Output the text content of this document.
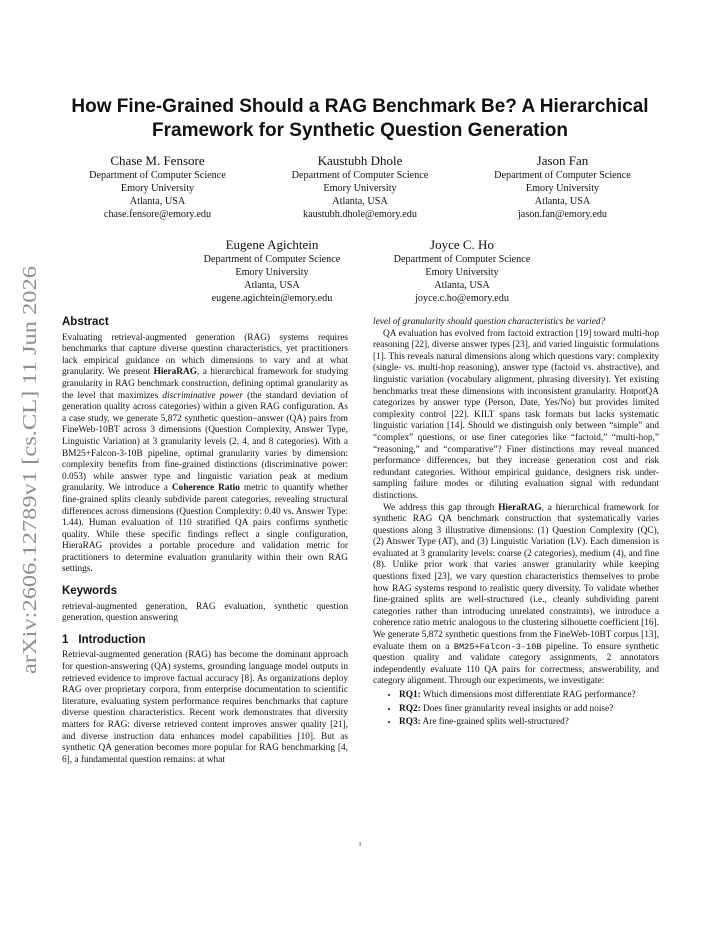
arXiv:2606.12789v1 [cs.CL] 11 Jun 2026
How Fine-Grained Should a RAG Benchmark Be? A Hierarchical
Framework for Synthetic Question Generation
Chase M. Fensore
Department of Computer Science
Emory University
Atlanta, USA
chase.fensore@emory.edu
Kaustubh Dhole
Department of Computer Science
Emory University
Atlanta, USA
kaustubh.dhole@emory.edu
Jason Fan
Department of Computer Science
Emory University
Atlanta, USA
jason.fan@emory.edu
Eugene Agichtein
Department of Computer Science
Emory University
Atlanta, USA
eugene.agichtein@emory.edu
Joyce C. Ho
Department of Computer Science
Emory University
Atlanta, USA
joyce.c.ho@emory.edu
Abstract

Evaluating retrieval-augmented generation (RAG) systems requires benchmarks that capture diverse question characteristics, yet practitioners lack empirical guidance on which dimensions to vary and at what granularity. We present HieraRAG, a hierarchical framework for studying granularity in RAG benchmark construction, defining optimal granularity as the level that maximizes discriminative power (the standard deviation of generation quality across categories) within a given RAG configuration. As a case study, we generate 5,872 synthetic question–answer (QA) pairs from FineWeb-10BT across 3 dimensions (Question Complexity, Answer Type, Linguistic Variation) at 3 granularity levels (2, 4, and 8 categories). With a BM25+Falcon-3-10B pipeline, optimal granularity varies by dimension: complexity benefits from fine-grained distinctions (discriminative power: 0.053) while answer type and linguistic variation peak at medium granularity. We introduce a Coherence Ratio metric to quantify whether fine-grained splits cleanly subdivide parent categories, revealing structural differences across dimensions (Question Complexity: 0.40 vs. Answer Type: 1.44). Human evaluation of 110 stratified QA pairs confirms synthetic quality. While these specific findings reflect a single configuration, HieraRAG provides a portable procedure and validation metric for practitioners to determine evaluation granularity within their own RAG settings.

Keywords

retrieval-augmented generation, RAG evaluation, synthetic question generation, question answering

1 Introduction

Retrieval-augmented generation (RAG) has become the dominant approach for question-answering (QA) systems, grounding language model outputs in retrieved evidence to improve factual accuracy [8]. As organizations deploy RAG over proprietary corpora, from enterprise documentation to scientific literature, evaluating system performance requires benchmarks that capture diverse question characteristics. Recent work demonstrates that diversity matters for RAG: diverse retrieved content improves answer quality [21], and diverse instruction data enhances model capabilities [10]. But as synthetic QA generation becomes more popular for RAG benchmarking [4, 6], a fundamental question remains: at what

level of granularity should question characteristics be varied?

QA evaluation has evolved from factoid extraction [19] toward multi-hop reasoning [22], diverse answer types [23], and varied linguistic formulations [1]. This reveals natural dimensions along which questions vary: complexity (single- vs. multi-hop reasoning), answer type (factoid vs. abstractive), and linguistic variation (vocabulary alignment, phrasing diversity). Yet existing benchmarks treat these dimensions with inconsistent granularity. HotpotQA categorizes by answer type (Person, Date, Yes/No) but provides limited complexity control [22]. KILT spans task formats but lacks systematic linguistic variation [14]. Should we distinguish only between “simple” and “complex” questions, or use finer categories like “factoid,” “multi-hop,” “reasoning,” and “comparative”? Finer distinctions may reveal nuanced performance differences, but they increase generation cost and risk redundant categories. Without empirical guidance, designers risk under-sampling failure modes or diluting evaluation signal with redundant distinctions.

We address this gap through HieraRAG, a hierarchical framework for synthetic RAG QA benchmark construction that systematically varies questions along 3 illustrative dimensions: (1) Question Complexity (QC), (2) Answer Type (AT), and (3) Linguistic Variation (LV). Each dimension is evaluated at 3 granularity levels: coarse (2 categories), medium (4), and fine (8). Unlike prior work that varies answer granularity while keeping questions fixed [23], we vary question characteristics themselves to probe how RAG systems respond to realistic query diversity. To validate whether fine-grained splits are well-structured (i.e., cleanly subdividing parent categories rather than introducing unrelated constraints), we introduce a coherence ratio metric analogous to the clustering silhouette coefficient [16]. We generate 5,872 synthetic questions from the FineWeb-10BT corpus [13], evaluate them on a BM25+Falcon-3-10B pipeline. To ensure synthetic question quality and validate category assignments, 2 annotators independently evaluate 110 QA pairs for correctness, answerability, and category alignment. Through our experiments, we investigate:

• RQ1: Which dimensions most differentiate RAG performance?
• RQ2: Does finer granularity reveal insights or add noise?
• RQ3: Are fine-grained splits well-structured?
1
